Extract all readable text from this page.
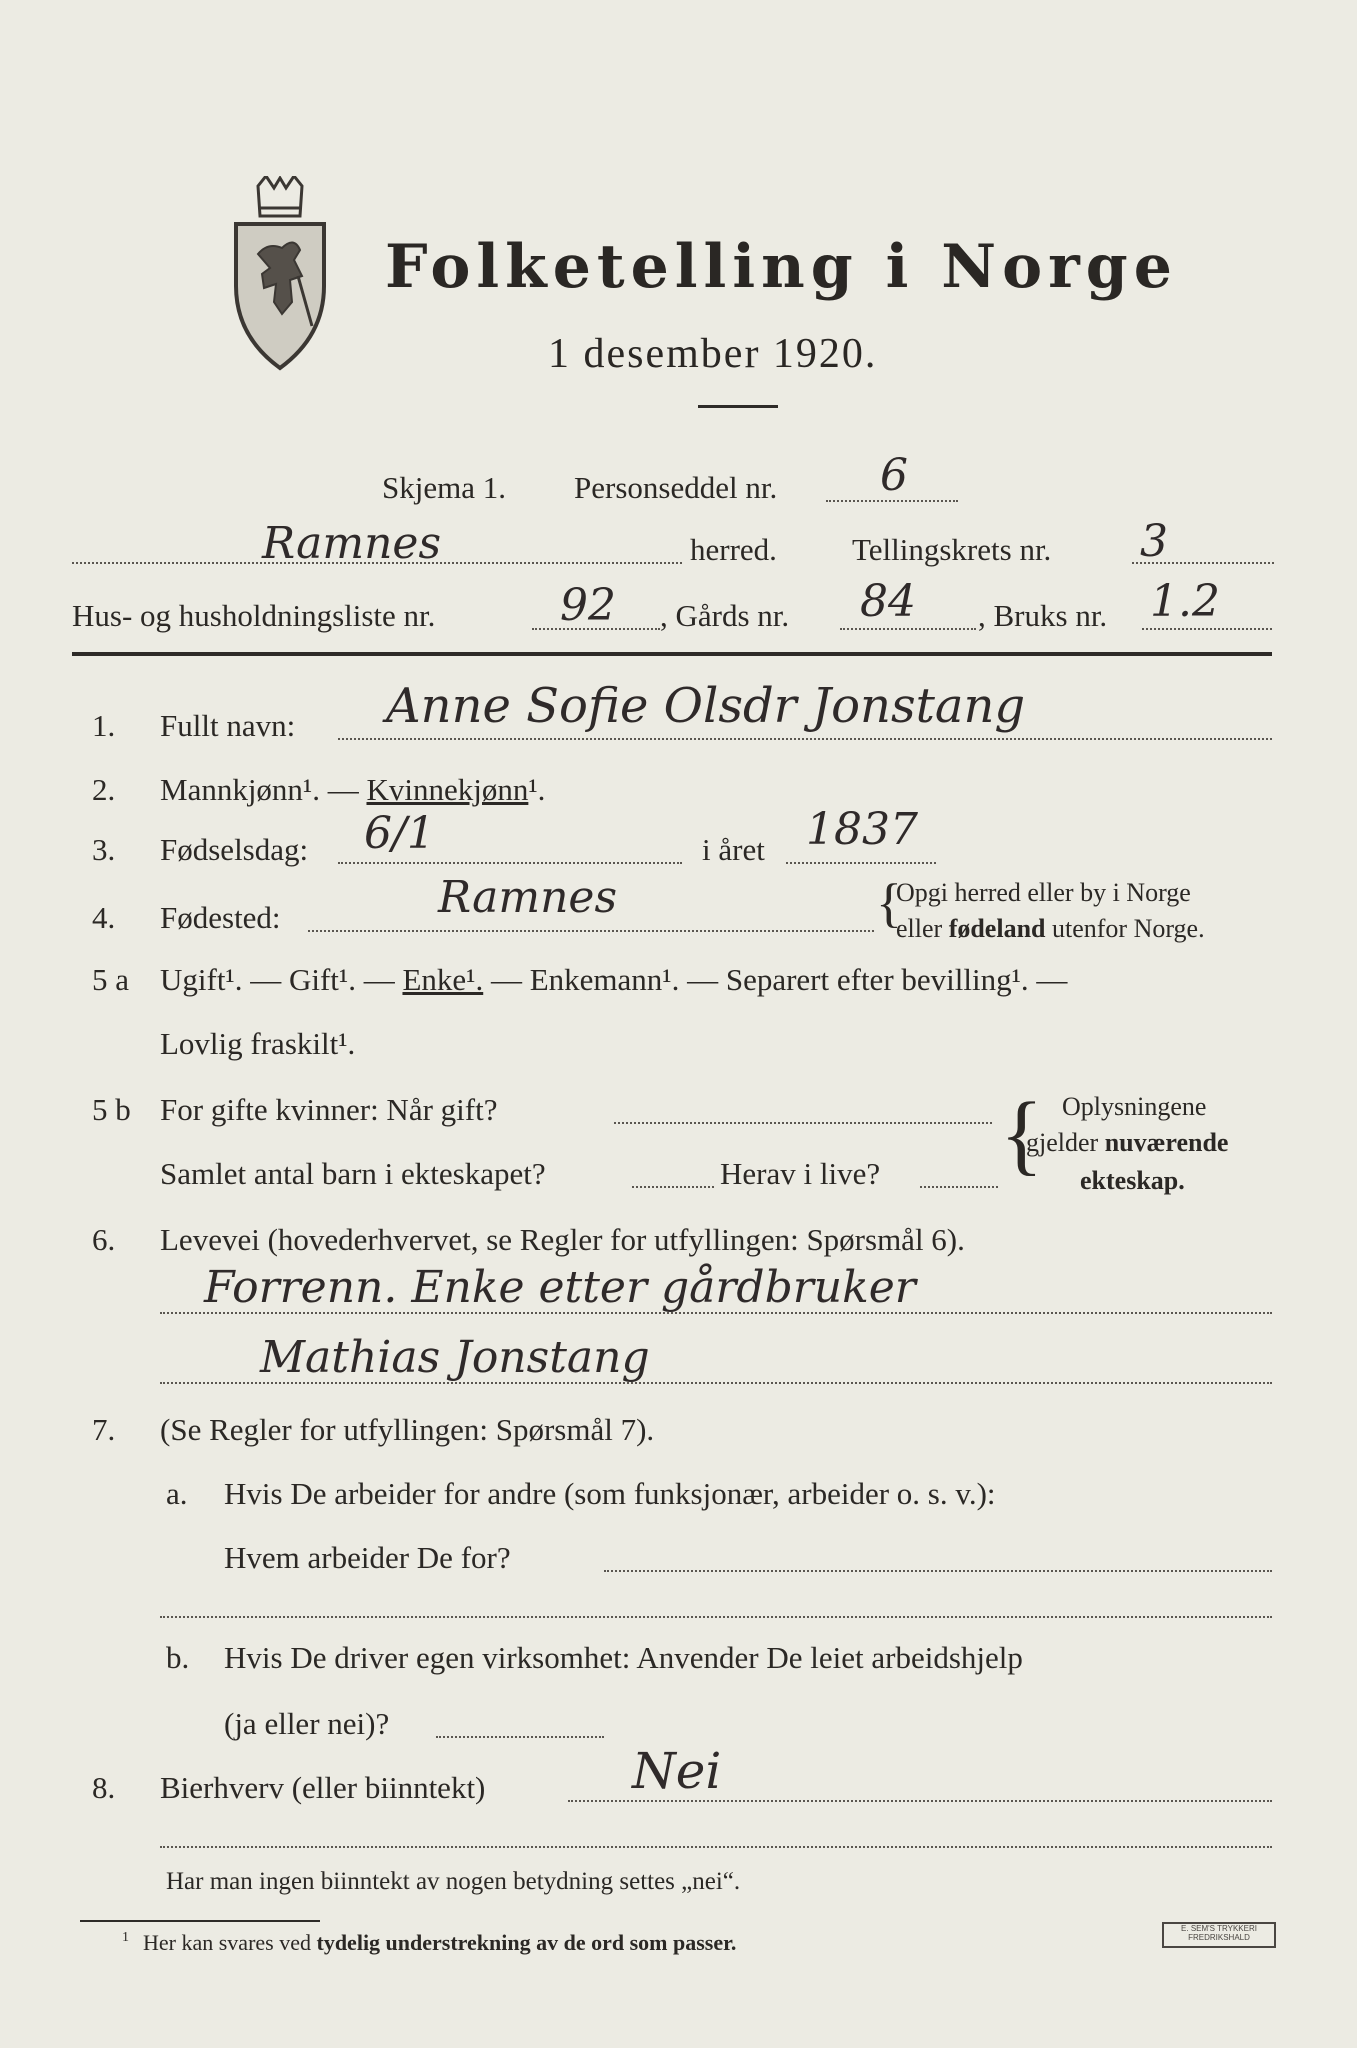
Folketelling i Norge
1 desember 1920.
Skjema 1. Personseddel nr. 6
Ramnes	herred. Tellingskrets nr. 3
Hus- og husholdningsliste nr.	92 , Gårds nr. 84 , Bruks nr. 1.2
1. Fullt navn: Anne Sofie Olsdr Jonstang
2. Mannkjønn¹. — Kvinnekjønn¹.
3. Fødselsdag: 6/1	i året 1837
4. Fødested:	Ramnes	{
Opgi herred eller by i Norge
eller fødeland utenfor Norge.
5 a Ugift¹. — Gift¹. — Enke¹. — Enkemann¹. — Separert efter bevilling¹. —
Lovlig fraskilt¹.
5 b For gifte kvinner: Når gift?
Samlet antal barn i ekteskapet?	Herav i live? { Oplysningene
gjelder nuværende
ekteskap.
6. Levevei (hovederhvervet, se Regler for utfyllingen: Spørsmål 6).
Forrenn. Enke etter gårdbruker
Mathias Jonstang
7. (Se Regler for utfyllingen: Spørsmål 7).
a. Hvis De arbeider for andre (som funksjonær, arbeider o. s. v.):
Hvem arbeider De for?
b. Hvis De driver egen virksomhet: Anvender De leiet arbeidshjelp
(ja eller nei)?
8. Bierhverv (eller biinntekt)	Nei
Har man ingen biinntekt av nogen betydning settes „nei“.
$^1$ Her kan svares ved tydelig understrekning av de ord som passer.
E. SEM'S TRYKKERI
FREDRIKSHALD
